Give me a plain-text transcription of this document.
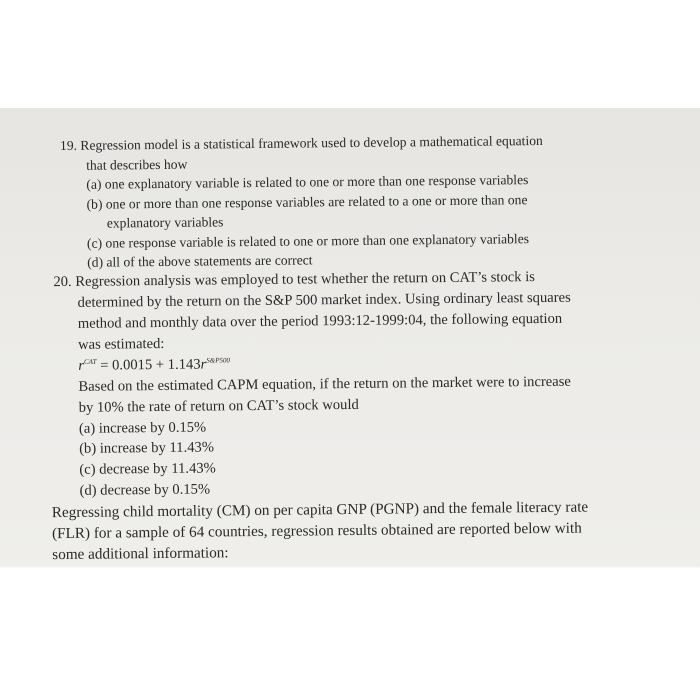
19. Regression model is a statistical framework used to develop a mathematical equation
that describes how
(a) one explanatory variable is related to one or more than one response variables
(b) one or more than one response variables are related to a one or more than one
explanatory variables
(c) one response variable is related to one or more than one explanatory variables
(d) all of the above statements are correct
20. Regression analysis was employed to test whether the return on CAT’s stock is
determined by the return on the S&P 500 market index. Using ordinary least squares
method and monthly data over the period 1993:12-1999:04, the following equation
was estimated:
$r^{CAT} = 0.0015 + 1.143r^{S\&P500}$
Based on the estimated CAPM equation, if the return on the market were to increase
by 10% the rate of return on CAT’s stock would
(a) increase by 0.15%
(b) increase by 11.43%
(c) decrease by 11.43%
(d) decrease by 0.15%
Regressing child mortality (CM) on per capita GNP (PGNP) and the female literacy rate
(FLR) for a sample of 64 countries, regression results obtained are reported below with
some additional information:
